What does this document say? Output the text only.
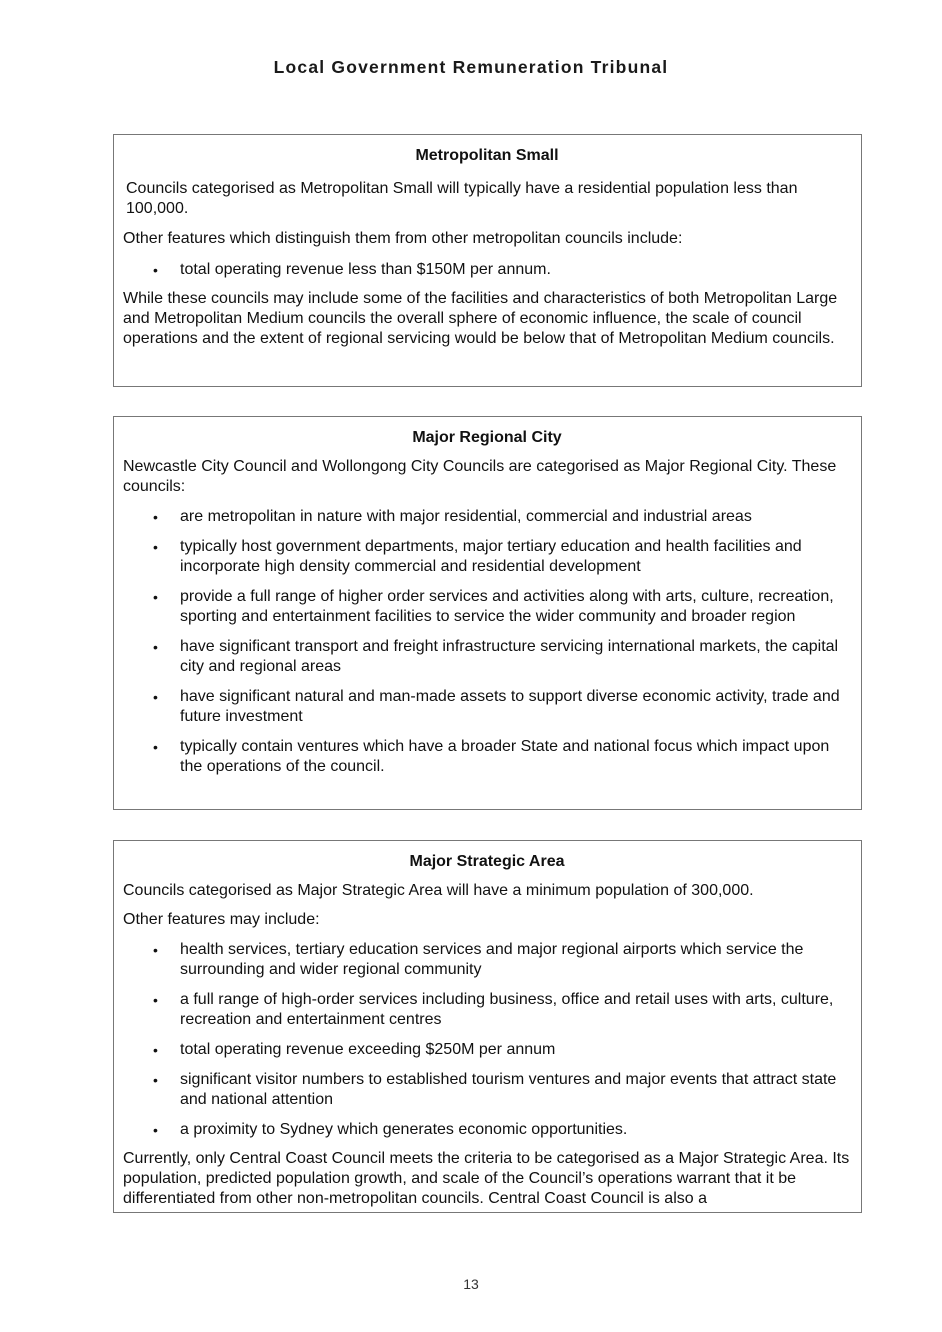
Local Government Remuneration Tribunal
Metropolitan Small

Councils categorised as Metropolitan Small will typically have a residential population less than 100,000.

Other features which distinguish them from other metropolitan councils include:

• total operating revenue less than $150M per annum.

While these councils may include some of the facilities and characteristics of both Metropolitan Large and Metropolitan Medium councils the overall sphere of economic influence, the scale of council operations and the extent of regional servicing would be below that of Metropolitan Medium councils.

Major Regional City

Newcastle City Council and Wollongong City Councils are categorised as Major Regional City. These councils:

• are metropolitan in nature with major residential, commercial and industrial areas
• typically host government departments, major tertiary education and health facilities and incorporate high density commercial and residential development
• provide a full range of higher order services and activities along with arts, culture, recreation, sporting and entertainment facilities to service the wider community and broader region
• have significant transport and freight infrastructure servicing international markets, the capital city and regional areas
• have significant natural and man-made assets to support diverse economic activity, trade and future investment
• typically contain ventures which have a broader State and national focus which impact upon the operations of the council.
Major Strategic Area

Councils categorised as Major Strategic Area will have a minimum population of 300,000.

Other features may include:

• health services, tertiary education services and major regional airports which service the surrounding and wider regional community
• a full range of high-order services including business, office and retail uses with arts, culture, recreation and entertainment centres
• total operating revenue exceeding $250M per annum
• significant visitor numbers to established tourism ventures and major events that attract state and national attention
• a proximity to Sydney which generates economic opportunities.

Currently, only Central Coast Council meets the criteria to be categorised as a Major Strategic Area. Its population, predicted population growth, and scale of the Council’s operations warrant that it be differentiated from other non-metropolitan councils. Central Coast Council is also a

13
